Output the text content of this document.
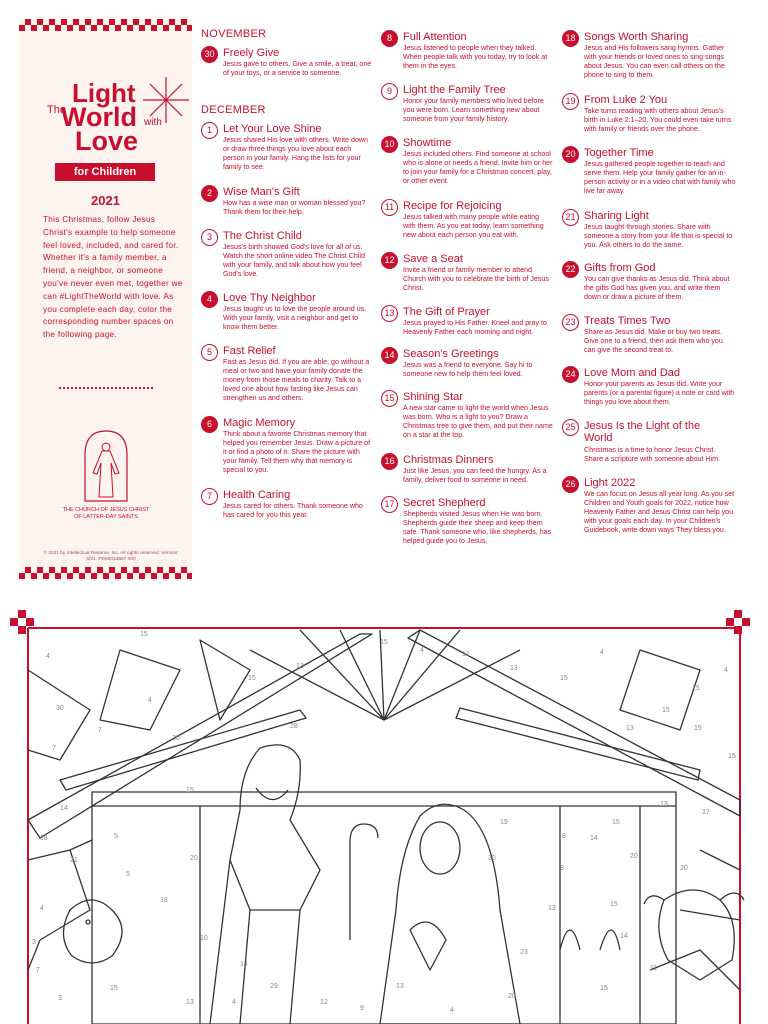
The
Light
World with
Love
for Children
2021
This Christmas, follow Jesus Christ's example to help someone feel loved, included, and cared for. Whether it's a family member, a friend, a neighbor, or someone you've never even met, together we can #LightTheWorld with love. As you complete each day, color the corresponding number spaces on the following page.
THE CHURCH OF JESUS CHRIST OF LATTER-DAY SAINTS
© 2021 by Intellectual Reserve, Inc. All rights reserved. Version: 6/21. PD60013687 000
NOVEMBER
30 Freely Give
Jesus gave to others. Give a smile, a treat, one of your toys, or a service to someone.
DECEMBER
1	Let Your Love Shine
Jesus shared His love with others. Write down or draw three things you love about each person in your family. Hang the lists for your family to see.
2	Wise Man's Gift
How has a wise man or woman blessed you? Thank them for their help.
3	The Christ Child
Jesus's birth showed God's love for all of us. Watch the short online video The Christ Child with your family, and talk about how you feel God's love.
4	Love Thy Neighbor
Jesus taught us to love the people around us. With your family, visit a neighbor and get to know them better.
5	Fast Relief
Fast as Jesus did. If you are able, go without a meal or two and have your family donate the money from those meals to charity. Talk to a loved one about how fasting like Jesus can strengthen us and others.
6	Magic Memory
Think about a favorite Christmas memory that helped you remember Jesus. Draw a picture of it or find a photo of it. Share the picture with your family. Tell them why that memory is special to you.
7	Health Caring
Jesus cared for others. Thank someone who has cared for you this year.
8	Full Attention
Jesus listened to people when they talked. When people talk with you today, try to look at them in the eyes.
9	Light the Family Tree
Honor your family members who lived before you were born. Learn something new about someone from your family history.
10 Showtime
Jesus included others. Find someone at school who is alone or needs a friend. Invite him or her to join your family for a Christmas concert, play, or other event.
11 Recipe for Rejoicing
Jesus talked with many people while eating with them. As you eat today, learn something new about each person you eat with.
12 Save a Seat
Invite a friend or family member to attend Church with you to celebrate the birth of Jesus Christ.
13 The Gift of Prayer
Jesus prayed to His Father. Kneel and pray to Heavenly Father each morning and night.
14 Season's Greetings
Jesus was a friend to everyone. Say hi to someone new to help them feel loved.
15 Shining Star
A new star came to light the world when Jesus was born. Who is a light to you? Draw a Christmas tree to give them, and put their name on a star at the top.
16 Christmas Dinners
Just like Jesus, you can feed the hungry. As a family, deliver food to someone in need.
17 Secret Shepherd
Shepherds visited Jesus when He was born. Shepherds guide their sheep and keep them safe. Thank someone who, like shepherds, has helped guide you to Jesus.
18 Songs Worth Sharing
Jesus and His followers sang hymns. Gather with your friends or loved ones to sing songs about Jesus. You can even call others on the phone to sing to them.
19 From Luke 2 You
Take turns reading with others about Jesus's birth in Luke 2:1–20. You could even take turns with family or friends over the phone.
20 Together Time
Jesus gathered people together to teach and serve them. Help your family gather for an in-person activity or in a video chat with family who live far away.
21 Sharing Light
Jesus taught through stories. Share with someone a story from your life that is special to you. Ask others to do the same.
22 Gifts from God
You can give thanks as Jesus did. Think about the gifts God has given you, and write them down or draw a picture of them.
23 Treats Times Two
Share as Jesus did. Make or buy two treats. Give one to a friend, then ask them who you can give the second treat to.
24 Love Mom and Dad
Honor your parents as Jesus did. Write your parents (or a parental figure) a note or card with things you love about them.
25 Jesus Is the Light of the World
Christmas is a time to honor Jesus Christ. Share a scripture with someone about Him.
26 Light 2022
We can focus on Jesus all year long. As you set Children and Youth goals for 2022, notice how Heavenly Father and Jesus Christ can help you with your goals each day. In your Children's Guidebook, write down ways They bless you.
15
15
4
13
12
13
15
4
15
4
15
4
15
13	15
30
7
7
4
30
14
28
21
18
15
5
5
20
18
4
3
7
14
29
10
13	4
15
3
13
20
20
17
15
8
15
14
8
15
23
20
4
13
9
12
13
14
30
11
15
19
